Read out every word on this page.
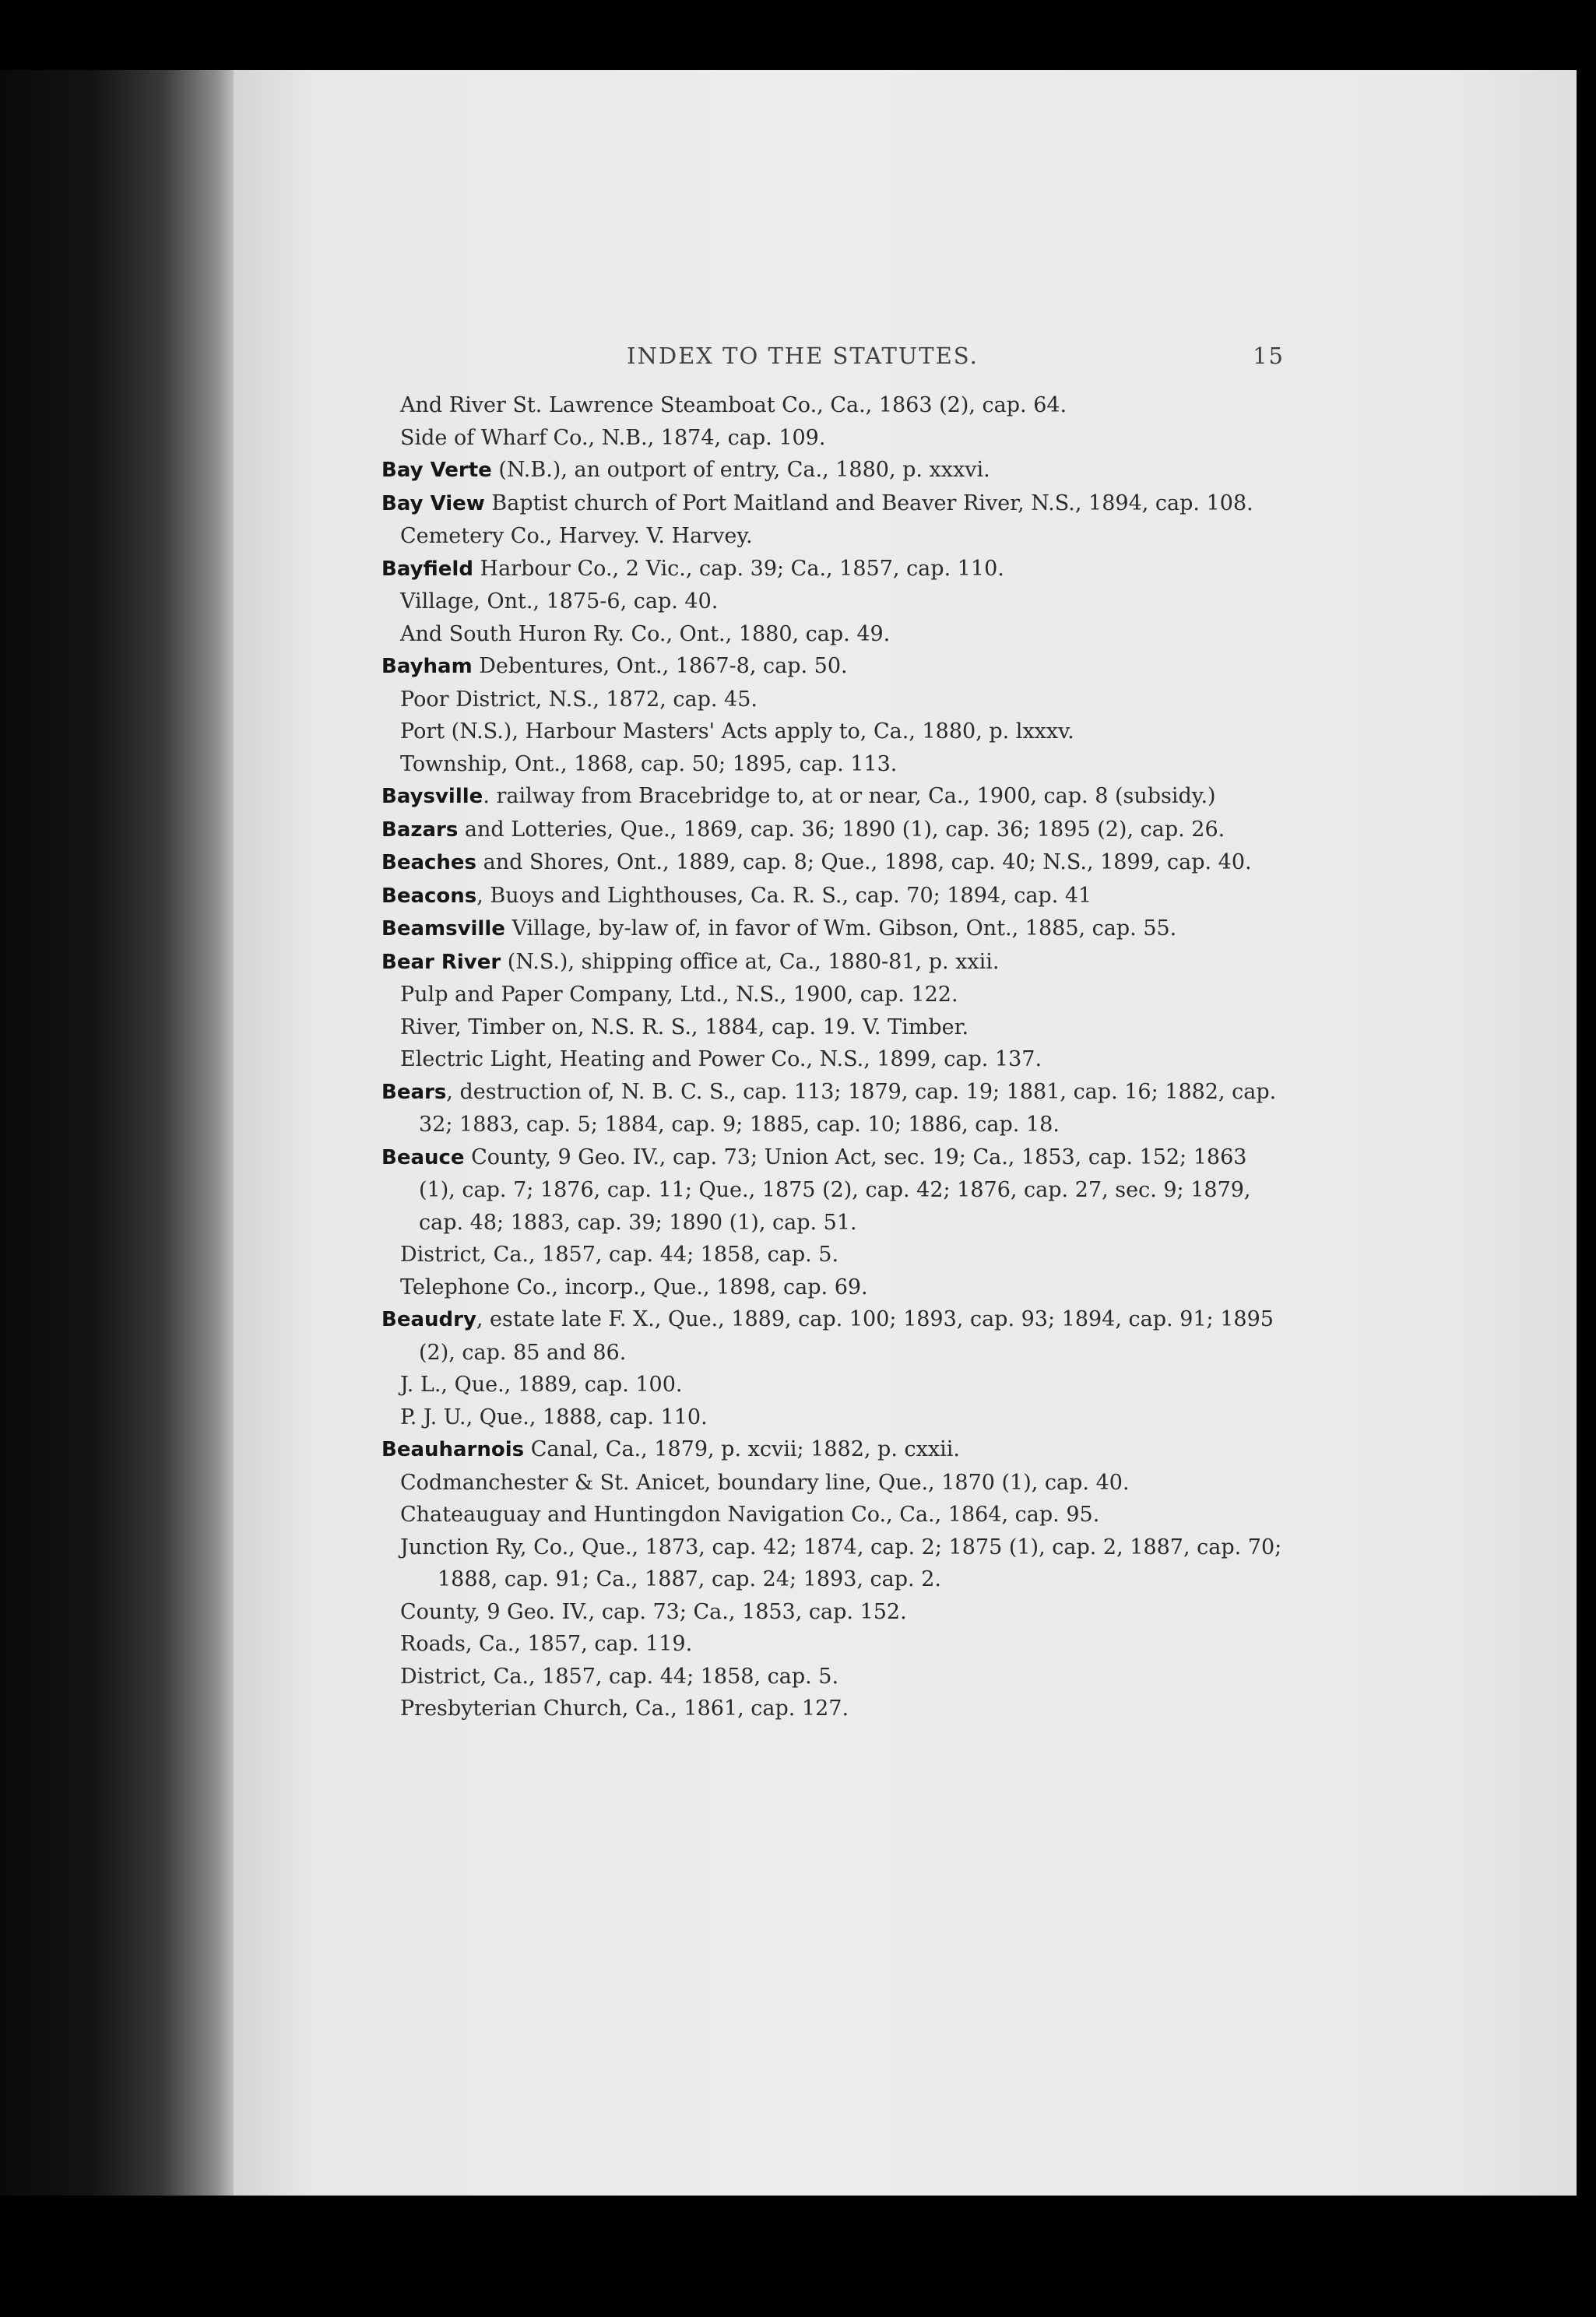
INDEX TO THE STATUTES.	15
And River St. Lawrence Steamboat Co., Ca., 1863 (2), cap. 64.
Side of Wharf Co., N.B., 1874, cap. 109.
Bay Verte (N.B.), an outport of entry, Ca., 1880, p. xxxvi.
Bay View Baptist church of Port Maitland and Beaver River, N.S., 1894, cap. 108.
Cemetery Co., Harvey. V. Harvey.
Bayfield Harbour Co., 2 Vic., cap. 39; Ca., 1857, cap. 110.
Village, Ont., 1875-6, cap. 40.
And South Huron Ry. Co., Ont., 1880, cap. 49.
Bayham Debentures, Ont., 1867-8, cap. 50.
Poor District, N.S., 1872, cap. 45.
Port (N.S.), Harbour Masters' Acts apply to, Ca., 1880, p. lxxxv.
Township, Ont., 1868, cap. 50; 1895, cap. 113.
Baysville. railway from Bracebridge to, at or near, Ca., 1900, cap. 8 (subsidy.)
Bazars and Lotteries, Que., 1869, cap. 36; 1890 (1), cap. 36; 1895 (2), cap. 26.
Beaches and Shores, Ont., 1889, cap. 8; Que., 1898, cap. 40; N.S., 1899, cap. 40.
Beacons, Buoys and Lighthouses, Ca. R. S., cap. 70; 1894, cap. 41
Beamsville Village, by-law of, in favor of Wm. Gibson, Ont., 1885, cap. 55.
Bear River (N.S.), shipping office at, Ca., 1880-81, p. xxii.
Pulp and Paper Company, Ltd., N.S., 1900, cap. 122.
River, Timber on, N.S. R. S., 1884, cap. 19. V. Timber.
Electric Light, Heating and Power Co., N.S., 1899, cap. 137.
Bears, destruction of, N. B. C. S., cap. 113; 1879, cap. 19; 1881, cap. 16; 1882, cap. 32; 1883, cap. 5; 1884, cap. 9; 1885, cap. 10; 1886, cap. 18.
Beauce County, 9 Geo. IV., cap. 73; Union Act, sec. 19; Ca., 1853, cap. 152; 1863 (1), cap. 7; 1876, cap. 11; Que., 1875 (2), cap. 42; 1876, cap. 27, sec. 9; 1879, cap. 48; 1883, cap. 39; 1890 (1), cap. 51.
District, Ca., 1857, cap. 44; 1858, cap. 5.
Telephone Co., incorp., Que., 1898, cap. 69.
Beaudry, estate late F. X., Que., 1889, cap. 100; 1893, cap. 93; 1894, cap. 91; 1895 (2), cap. 85 and 86.
J. L., Que., 1889, cap. 100.
P. J. U., Que., 1888, cap. 110.
Beauharnois Canal, Ca., 1879, p. xcvii; 1882, p. cxxii.
Codmanchester & St. Anicet, boundary line, Que., 1870 (1), cap. 40.
Chateauguay and Huntingdon Navigation Co., Ca., 1864, cap. 95.
Junction Ry, Co., Que., 1873, cap. 42; 1874, cap. 2; 1875 (1), cap. 2, 1887, cap. 70; 1888, cap. 91; Ca., 1887, cap. 24; 1893, cap. 2.
County, 9 Geo. IV., cap. 73; Ca., 1853, cap. 152.
Roads, Ca., 1857, cap. 119.
District, Ca., 1857, cap. 44; 1858, cap. 5.
Presbyterian Church, Ca., 1861, cap. 127.
